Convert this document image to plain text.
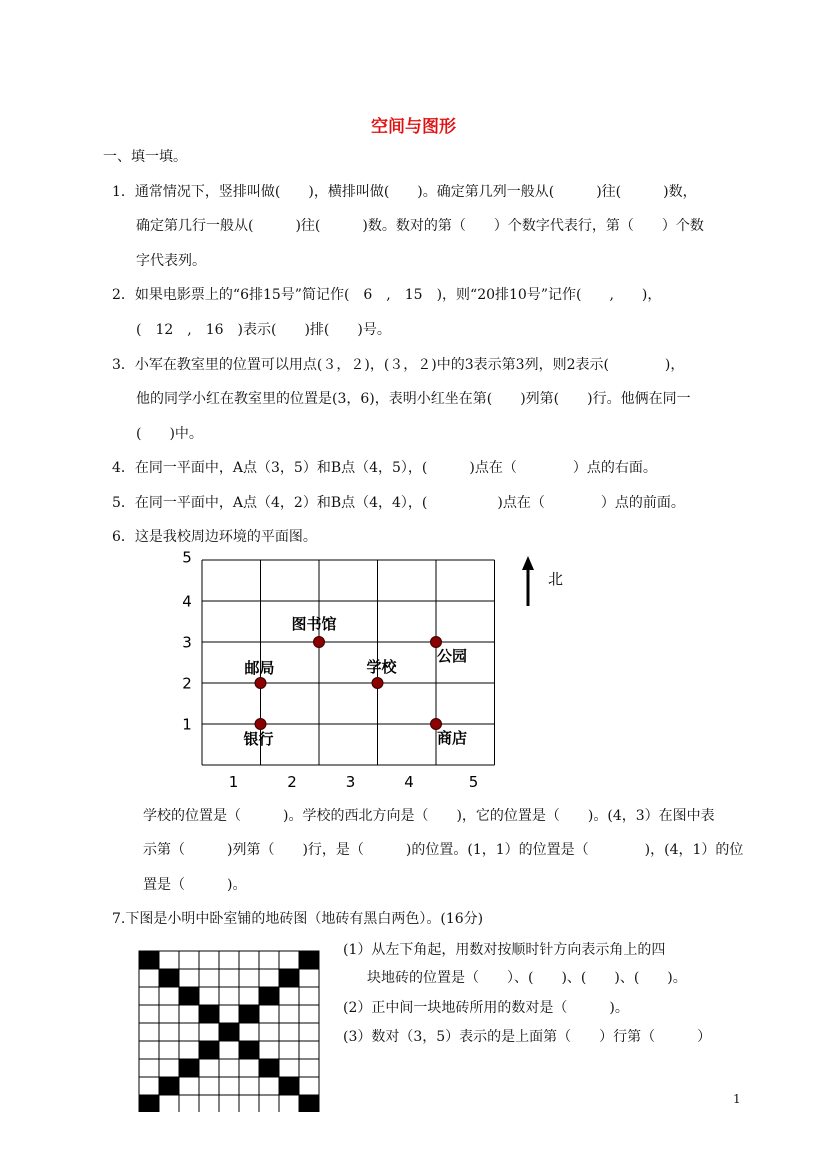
空间与图形
一、填一填。
1．通常情况下，竖排叫做(　　)，横排叫做(　　)。确定第几列一般从(　　　)往(　　　)数，
确定第几行一般从(　　　)往(　　　)数。数对的第（　　）个数字代表行，第（　　）个数
字代表列。
2．如果电影票上的“6排15号”简记作(　6　,　15　)，则“20排10号”记作(　　,　　)，
(　12　,　16　)表示(　　)排(　　)号。
3．小军在教室里的位置可以用点(３，２)，(３，２)中的3表示第3列，则2表示(　　　　)，
他的同学小红在教室里的位置是(3，6)，表明小红坐在第(　　)列第(　　)行。他俩在同一
(　　)中。
4．在同一平面中，A点（3，5）和B点（4，5），(　　　)点在（　　　　）点的右面。
5．在同一平面中，A点（4，2）和B点（4，4），(　　　　　)点在（　　　　）点的前面。
6．这是我校周边环境的平面图。
1	2	3	4	5
1
2
3
4
5
图书馆
邮局	学校
公园
银行	商店
北
学校的位置是（　　　)。学校的西北方向是（　　)，它的位置是（　　)。(4，3）在图中表
示第（　　　)列第（　　)行，是（　　　)的位置。(1，1）的位置是（　　　　)，(4，1）的位
置是（　　　)。
7.下图是小明中卧室铺的地砖图（地砖有黑白两色）。(16分)
(1）从左下角起，用数对按顺时针方向表示角上的四
块地砖的位置是（　　）、(　　)、(　　)、(　　)。
(2）正中间一块地砖所用的数对是（　　　)。
(3）数对（3，5）表示的是上面第（　　）行第（　　　）
1
